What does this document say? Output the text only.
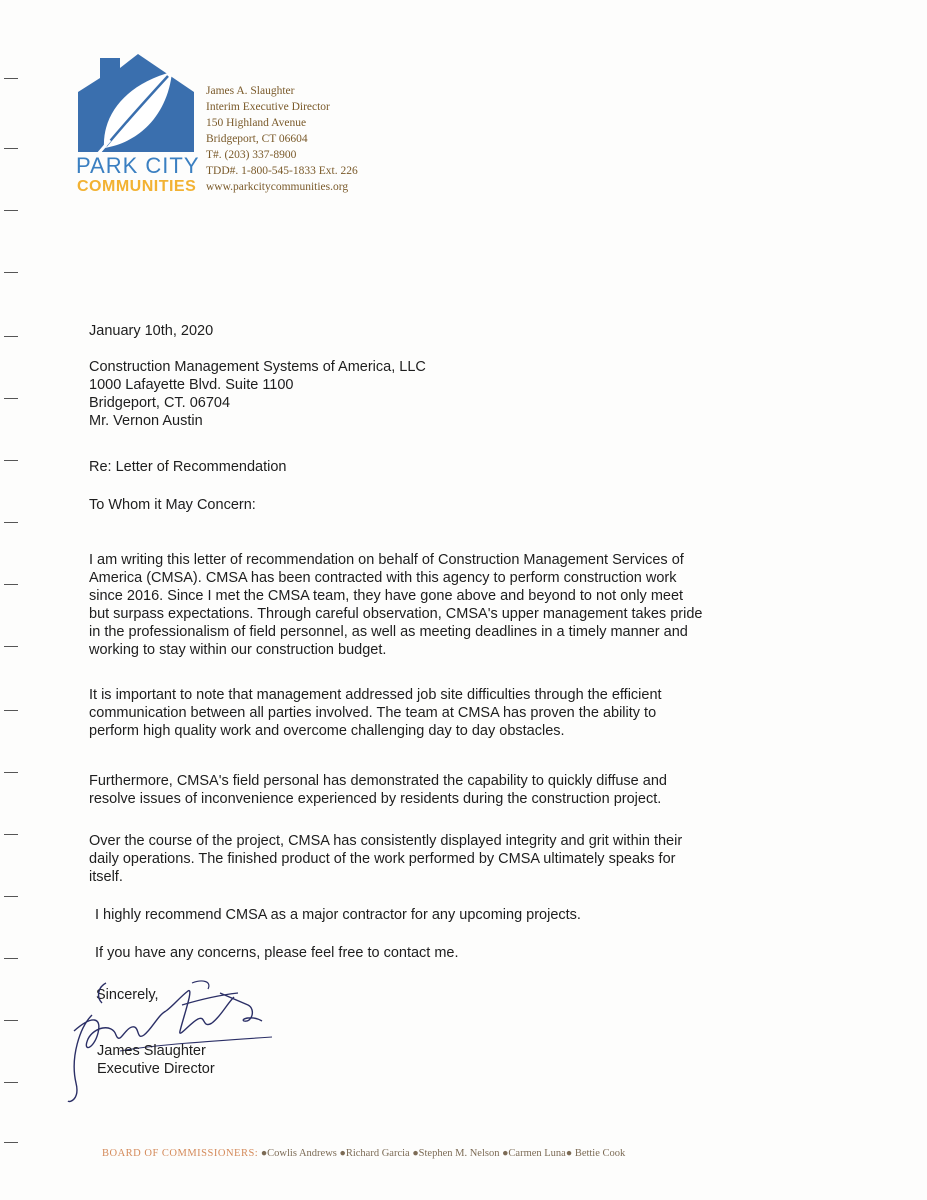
PARK CITY
COMMUNITIES
James A. Slaughter
Interim Executive Director
150 Highland Avenue
Bridgeport, CT 06604
T#. (203) 337-8900
TDD#. 1-800-545-1833 Ext. 226
www.parkcitycommunities.org
January 10th, 2020
Construction Management Systems of America, LLC
1000 Lafayette Blvd. Suite 1100
Bridgeport, CT. 06704
Mr. Vernon Austin
Re: Letter of Recommendation
To Whom it May Concern:
I am writing this letter of recommendation on behalf of Construction Management Services of
America (CMSA). CMSA has been contracted with this agency to perform construction work
since 2016. Since I met the CMSA team, they have gone above and beyond to not only meet
but surpass expectations. Through careful observation, CMSA's upper management takes pride
in the professionalism of field personnel, as well as meeting deadlines in a timely manner and
working to stay within our construction budget.
It is important to note that management addressed job site difficulties through the efficient
communication between all parties involved. The team at CMSA has proven the ability to
perform high quality work and overcome challenging day to day obstacles.
Furthermore, CMSA's field personal has demonstrated the capability to quickly diffuse and
resolve issues of inconvenience experienced by residents during the construction project.
Over the course of the project, CMSA has consistently displayed integrity and grit within their
daily operations. The finished product of the work performed by CMSA ultimately speaks for
itself.
I highly recommend CMSA as a major contractor for any upcoming projects.
If you have any concerns, please feel free to contact me.
Sincerely,
James Slaughter
Executive Director
BOARD OF COMMISSIONERS: ●Cowlis Andrews ●Richard Garcia ●Stephen M. Nelson ●Carmen Luna● Bettie Cook
